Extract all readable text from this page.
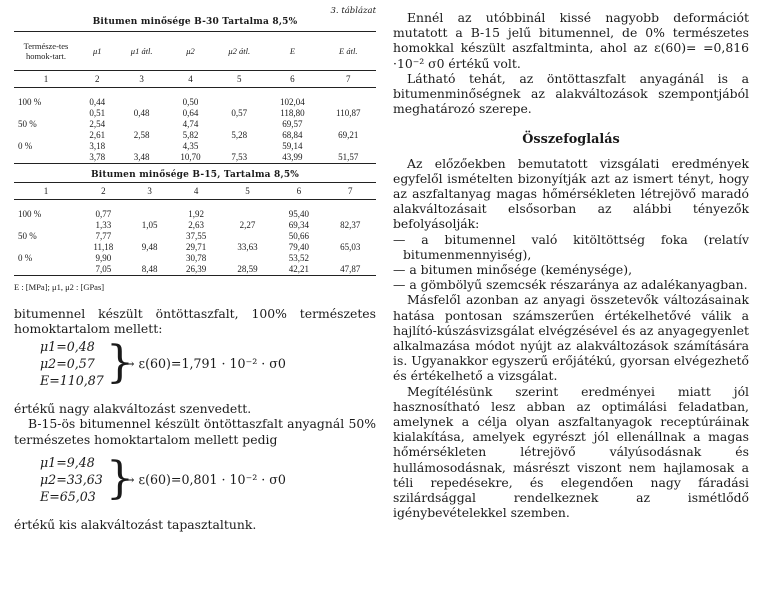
3. táblázat
Bitumen minősége B-30 Tartalma 8,5%
Természe-tes homok-tart.	μ1	μ1 átl.	μ2	μ2 átl.	E	E átl.
1	2	3	4	5	6	7

100 %	0,44		0,50		102,04	
	0,51	0,48	0,64	0,57	118,80	110,87
50 %	2,54		4,74		69,57	
	2,61	2,58	5,82	5,28	68,84	69,21
0 %	3,18		4,35		59,14	
	3,78	3,48	10,70	7,53	43,99	51,57
Bitumen minősége B-15, Tartalma 8,5%
1	2	3	4	5	6	7

100 %	0,77		1,92		95,40	
	1,33	1,05	2,63	2,27	69,34	82,37
50 %	7,77		37,55		50,66	
	11,18	9,48	29,71	33,63	79,40	65,03
0 %	9,90		30,78		53,52	
	7,05	8,48	26,39	28,59	42,21	47,87
E : [MPa]; μ1, μ2 : [GPas]

bitumennel készült öntöttaszfalt, 100% természetes homoktartalom mellett:

μ1=0,48
μ2=0,57
E=110,87 }
→ ε(60)=1,791 · 10⁻² · σ0

értékű nagy alakváltozást szenvedett.

B-15-ös bitumennel készült öntöttaszfalt anyagnál 50% természetes homoktartalom mellett pedig

μ1=9,48
μ2=33,63
E=65,03 }
→ ε(60)=0,801 · 10⁻² · σ0

értékű kis alakváltozást tapasztaltunk.

Ennél az utóbbinál kissé nagyobb deformációt mutatott a B-15 jelű bitumennel, de 0% természetes homokkal készült aszfaltminta, ahol az ε(60)= =0,816 ·10⁻² σ0 értékű volt.

Látható tehát, az öntöttaszfalt anyagánál is a bitumenminőségnek az alakváltozások szempontjából meghatározó szerepe.

Összefoglalás

Az előzőekben bemutatott vizsgálati eredmények egyfelől ismételten bizonyítják azt az ismert tényt, hogy az aszfaltanyag magas hőmérsékleten létrejövő maradó alakváltozásait elsősorban az alábbi tényezők befolyásolják:

— a bitumennel való kitöltöttség foka (relatív bitumenmennyiség),

— a bitumen minősége (keménysége),

— a gömbölyű szemcsék részaránya az adalékanyagban.

Másfelől azonban az anyagi összetevők változásainak hatása pontosan számszerűen értékelhetővé válik a hajlító-kúszásvizsgálat elvégzésével és az anyagegyenlet alkalmazása módot nyújt az alakváltozások számítására is. Ugyanakkor egyszerű erőjátékú, gyorsan elvégezhető és értékelhető a vizsgálat.

Megítélésünk szerint eredményei miatt jól hasznosítható lesz abban az optimálási feladatban, amelynek a célja olyan aszfaltanyagok receptúráinak kialakítása, amelyek egyrészt jól ellenállnak a magas hőmérsékleten létrejövő vályúsodásnak és hullámosodásnak, másrészt viszont nem hajlamosak a téli repedésekre, és elegendően nagy fáradási szilárdsággal rendelkeznek az ismétlődő igénybevételekkel szemben.
